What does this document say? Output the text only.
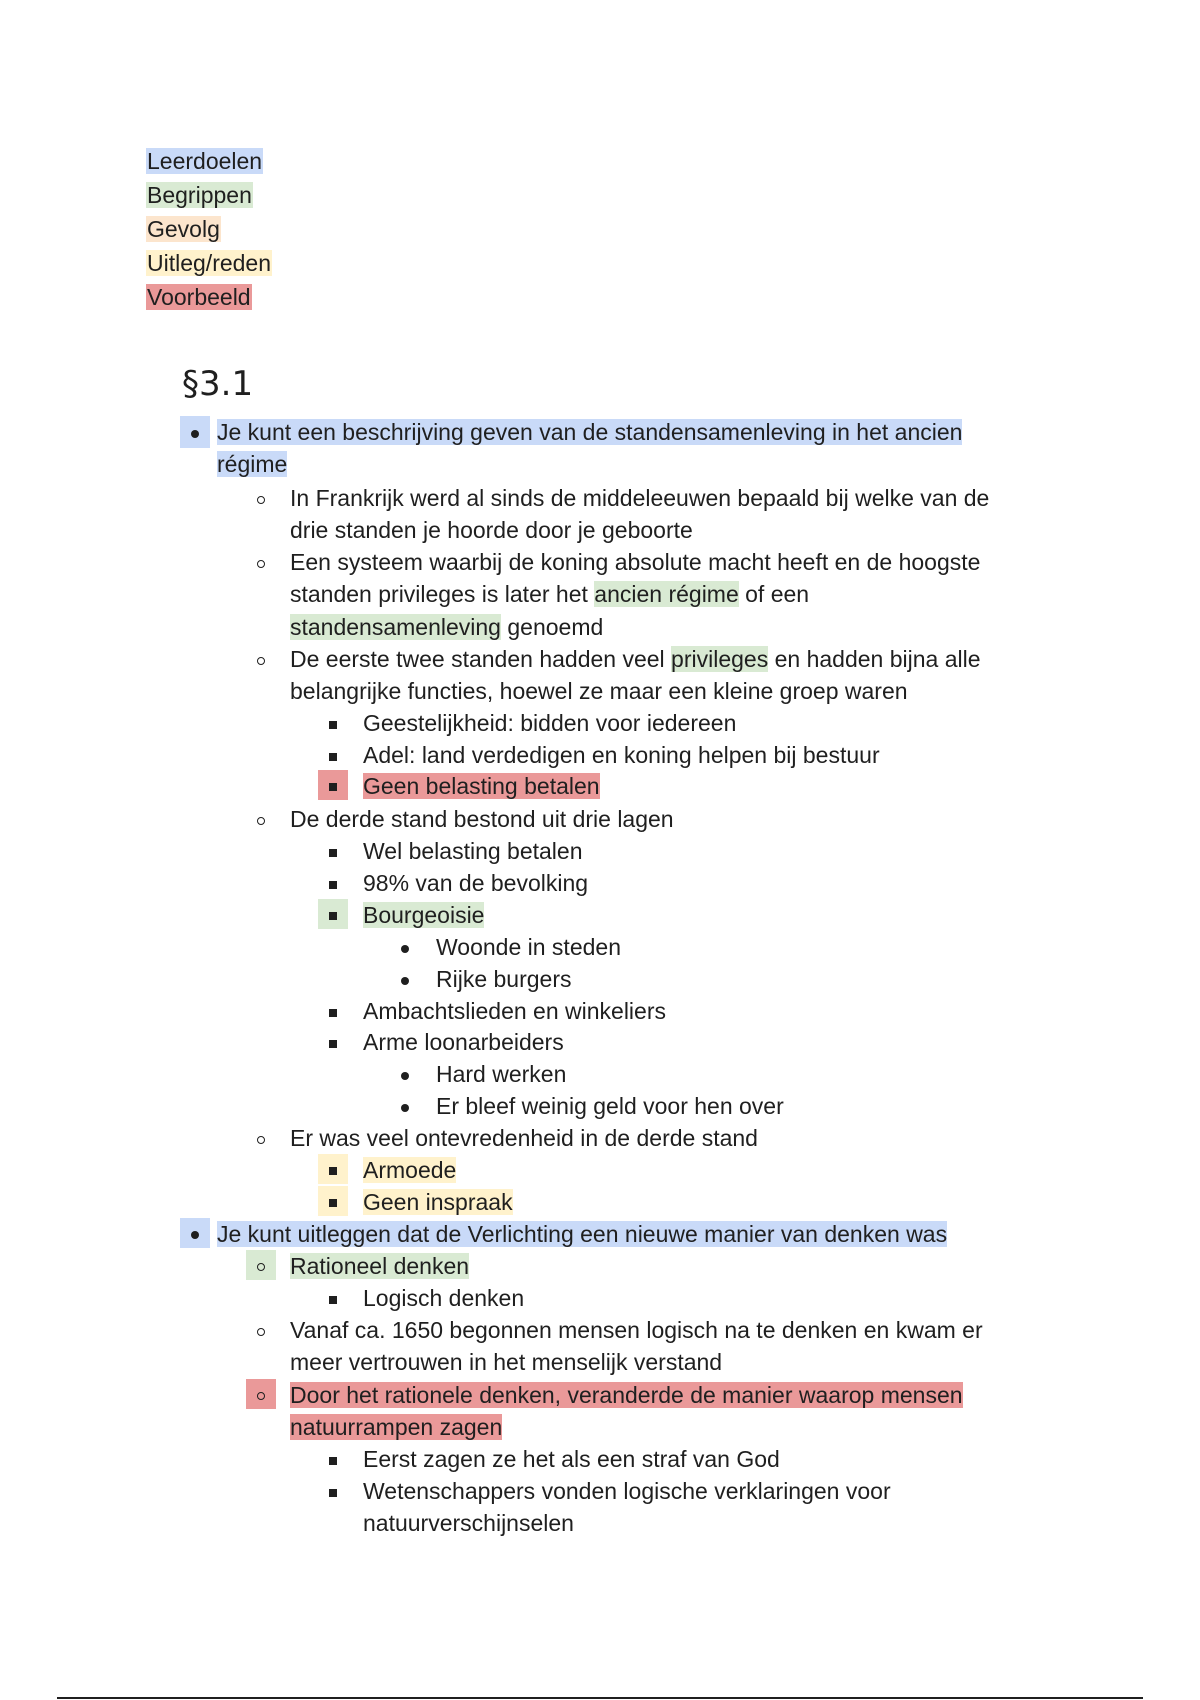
Leerdoelen
Begrippen
Gevolg
Uitleg/reden
Voorbeeld
§3.1
Je kunt een beschrijving geven van de standensamenleving in het ancien
régime
In Frankrijk werd al sinds de middeleeuwen bepaald bij welke van de
drie standen je hoorde door je geboorte
Een systeem waarbij de koning absolute macht heeft en de hoogste
standen privileges is later het ancien régime of een
standensamenleving genoemd
De eerste twee standen hadden veel privileges en hadden bijna alle
belangrijke functies, hoewel ze maar een kleine groep waren
Geestelijkheid: bidden voor iedereen
Adel: land verdedigen en koning helpen bij bestuur
Geen belasting betalen
De derde stand bestond uit drie lagen
Wel belasting betalen
98% van de bevolking
Bourgeoisie
Woonde in steden
Rijke burgers
Ambachtslieden en winkeliers
Arme loonarbeiders
Hard werken
Er bleef weinig geld voor hen over
Er was veel ontevredenheid in de derde stand
Armoede
Geen inspraak
Je kunt uitleggen dat de Verlichting een nieuwe manier van denken was
Rationeel denken
Logisch denken
Vanaf ca. 1650 begonnen mensen logisch na te denken en kwam er
meer vertrouwen in het menselijk verstand
Door het rationele denken, veranderde de manier waarop mensen
natuurrampen zagen
Eerst zagen ze het als een straf van God
Wetenschappers vonden logische verklaringen voor
natuurverschijnselen
